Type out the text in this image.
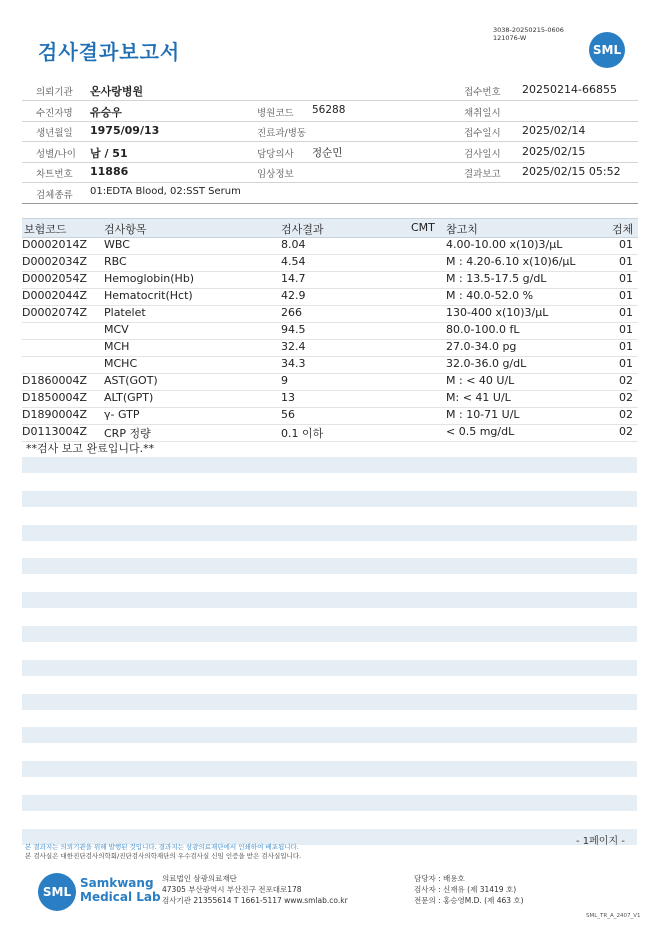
검사결과보고서
3038-20250215-0606
121076-W
SML
의뢰기관 온사랑병원	접수번호 20250214-66855
수진자명 유승우	병원코드 56288	채취일시
생년월일 1975/09/13	진료과/병동	접수일시 2025/02/14
성별/나이 남 / 51	담당의사 정순민	검사일시 2025/02/15
차트번호 11886	임상정보	결과보고 2025/02/15 05:52
검체종류 01:EDTA Blood, 02:SST Serum
보험코드	검사항목	검사결과	CMT 참고치	검체
D0002014Z WBC	8.04	4.00-10.00 x(10)3/µL	01
D0002034Z RBC	4.54	M : 4.20-6.10 x(10)6/µL	01
D0002054Z Hemoglobin(Hb)	14.7	M : 13.5-17.5 g/dL	01
D0002044Z Hematocrit(Hct)	42.9	M : 40.0-52.0 %	01
D0002074Z Platelet	266	130-400 x(10)3/µL	01
MCV	94.5	80.0-100.0 fL	01
MCH	32.4	27.0-34.0 pg	01
MCHC	34.3	32.0-36.0 g/dL	01
D1860004Z AST(GOT)	9	M : < 40 U/L	02
D1850004Z ALT(GPT)	13	M: < 41 U/L	02
D1890004Z γ- GTP	56	M : 10-71 U/L	02
D0113004Z CRP 정량	0.1 이하	< 0.5 mg/dL	02
**검사 보고 완료입니다.**
본 결과지는 의뢰기관을 위해 발행된 것입니다. 결과지는 삼광의료재단에서 인쇄하여 배포됩니다.
본 검사실은 대한진단검사의학회/진단검사의학재단의 우수검사실 신임 인증을 받은 검사실입니다.
- 1페이지 -
SML
Samkwang
Medical Lab
의료법인 삼광의료재단
47305 부산광역시 부산진구 전포대로178
검사기관 21355614 T 1661-5117 www.smlab.co.kr
담당자 : 배용호
검사자 : 신재유 (제 31419 호)
전문의 : 홍승영M.D. (제 463 호)
SML_TR_A_2407_V1
